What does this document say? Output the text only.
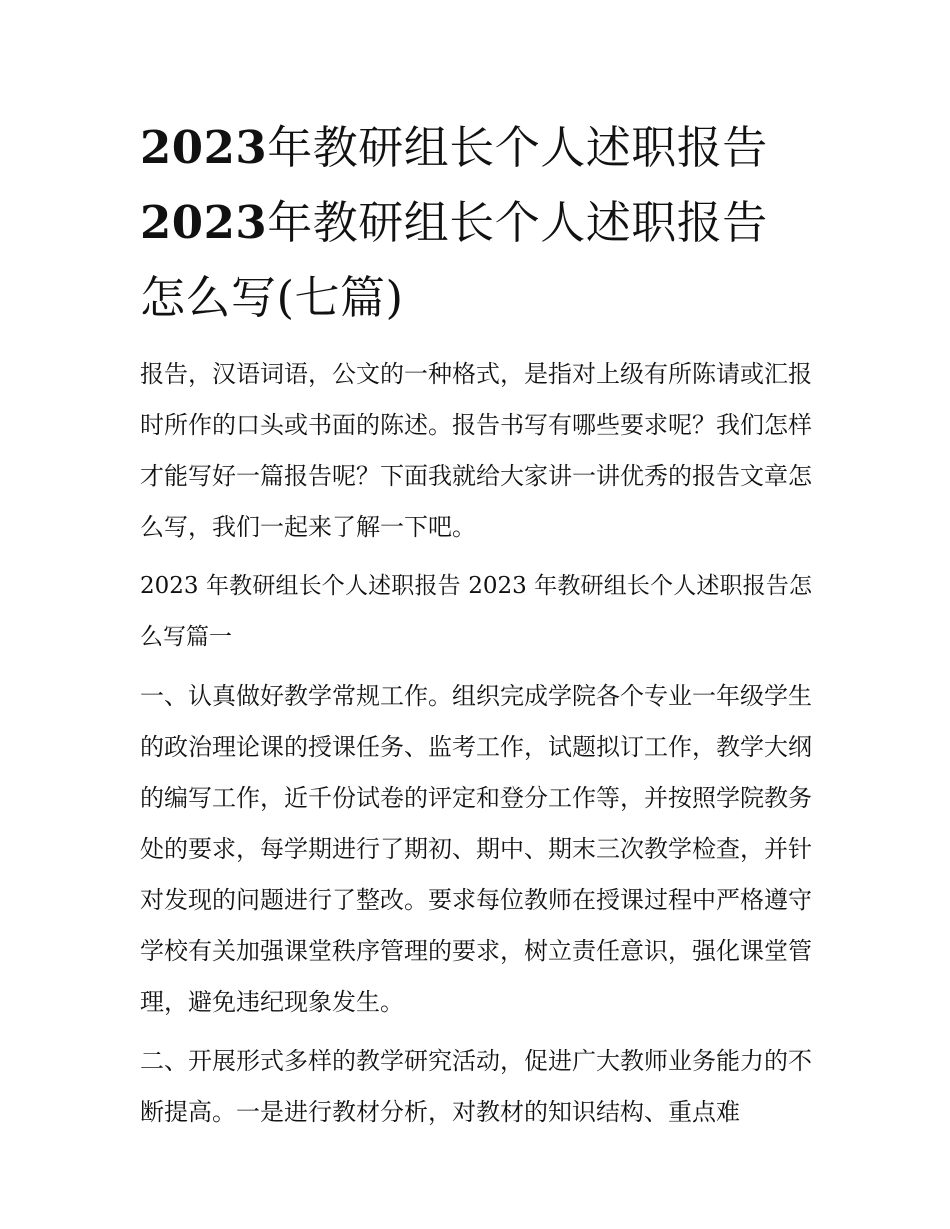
2023年教研组长个人述职报告
2023年教研组长个人述职报告
怎么写(七篇)

报告，汉语词语，公文的一种格式，是指对上级有所陈请或汇报时所作的口头或书面的陈述。报告书写有哪些要求呢？我们怎样才能写好一篇报告呢？下面我就给大家讲一讲优秀的报告文章怎么写，我们一起来了解一下吧。

2023 年教研组长个人述职报告 2023 年教研组长个人述职报告怎么写篇一

一、认真做好教学常规工作。组织完成学院各个专业一年级学生的政治理论课的授课任务、监考工作，试题拟订工作，教学大纲的编写工作，近千份试卷的评定和登分工作等，并按照学院教务处的要求，每学期进行了期初、期中、期末三次教学检查，并针对发现的问题进行了整改。要求每位教师在授课过程中严格遵守学校有关加强课堂秩序管理的要求，树立责任意识，强化课堂管理，避免违纪现象发生。

二、开展形式多样的教学研究活动，促进广大教师业务能力的不断提高。一是进行教材分析，对教材的知识结构、重点难
